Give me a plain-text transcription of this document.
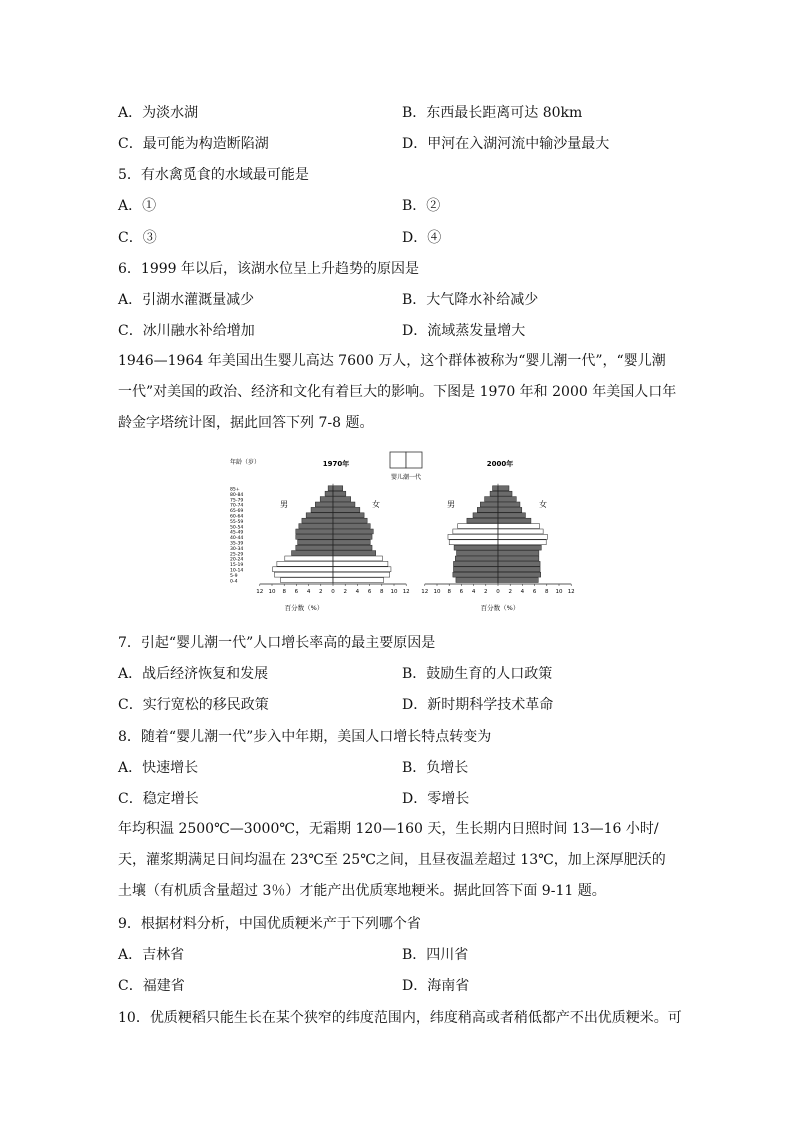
A．为淡水湖	B．东西最长距离可达 80km
C．最可能为构造断陷湖	D．甲河在入湖河流中输沙量最大
5．有水禽觅食的水域最可能是
A．①	B．②
C．③	D．④
6．1999 年以后，该湖水位呈上升趋势的原因是
A．引湖水灌溉量减少	B．大气降水补给减少
C．冰川融水补给增加	D．流域蒸发量增大
1946—1964 年美国出生婴儿高达 7600 万人，这个群体被称为“婴儿潮一代”，“婴儿潮一代”对美国的政治、经济和文化有着巨大的影响。下图是 1970 年和 2000 年美国人口年龄金字塔统计图，据此回答下列 7-8 题。
年龄（岁）	1970年	2000年
婴儿潮一代
男	女	男	女
百分数（%）	百分数（%）
85+
80-84
75-79
70-74
65-69
60-64
55-59
50-54
45-49
40-44
35-39
30-34
25-29
20-24
15-19
10-14
5-9
0-4
12 10 8 6 4 2 0 2 4 6 8 10 12 12 10 8 6 4 2 0 2 4 6 8 10 12
7．引起“婴儿潮一代”人口增长率高的最主要原因是
A．战后经济恢复和发展	B．鼓励生育的人口政策
C．实行宽松的移民政策	D．新时期科学技术革命
8．随着“婴儿潮一代”步入中年期，美国人口增长特点转变为
A．快速增长	B．负增长
C．稳定增长	D．零增长
年均积温 2500℃—3000℃，无霜期 120—160 天，生长期内日照时间 13—16 小时/天，灌浆期满足日间均温在 23℃至 25℃之间，且昼夜温差超过 13℃，加上深厚肥沃的土壤（有机质含量超过 3％）才能产出优质寒地粳米。据此回答下面 9-11 题。
9．根据材料分析，中国优质粳米产于下列哪个省
A．吉林省	B．四川省
C．福建省	D．海南省
10．优质粳稻只能生长在某个狭窄的纬度范围内，纬度稍高或者稍低都产不出优质粳米。可
